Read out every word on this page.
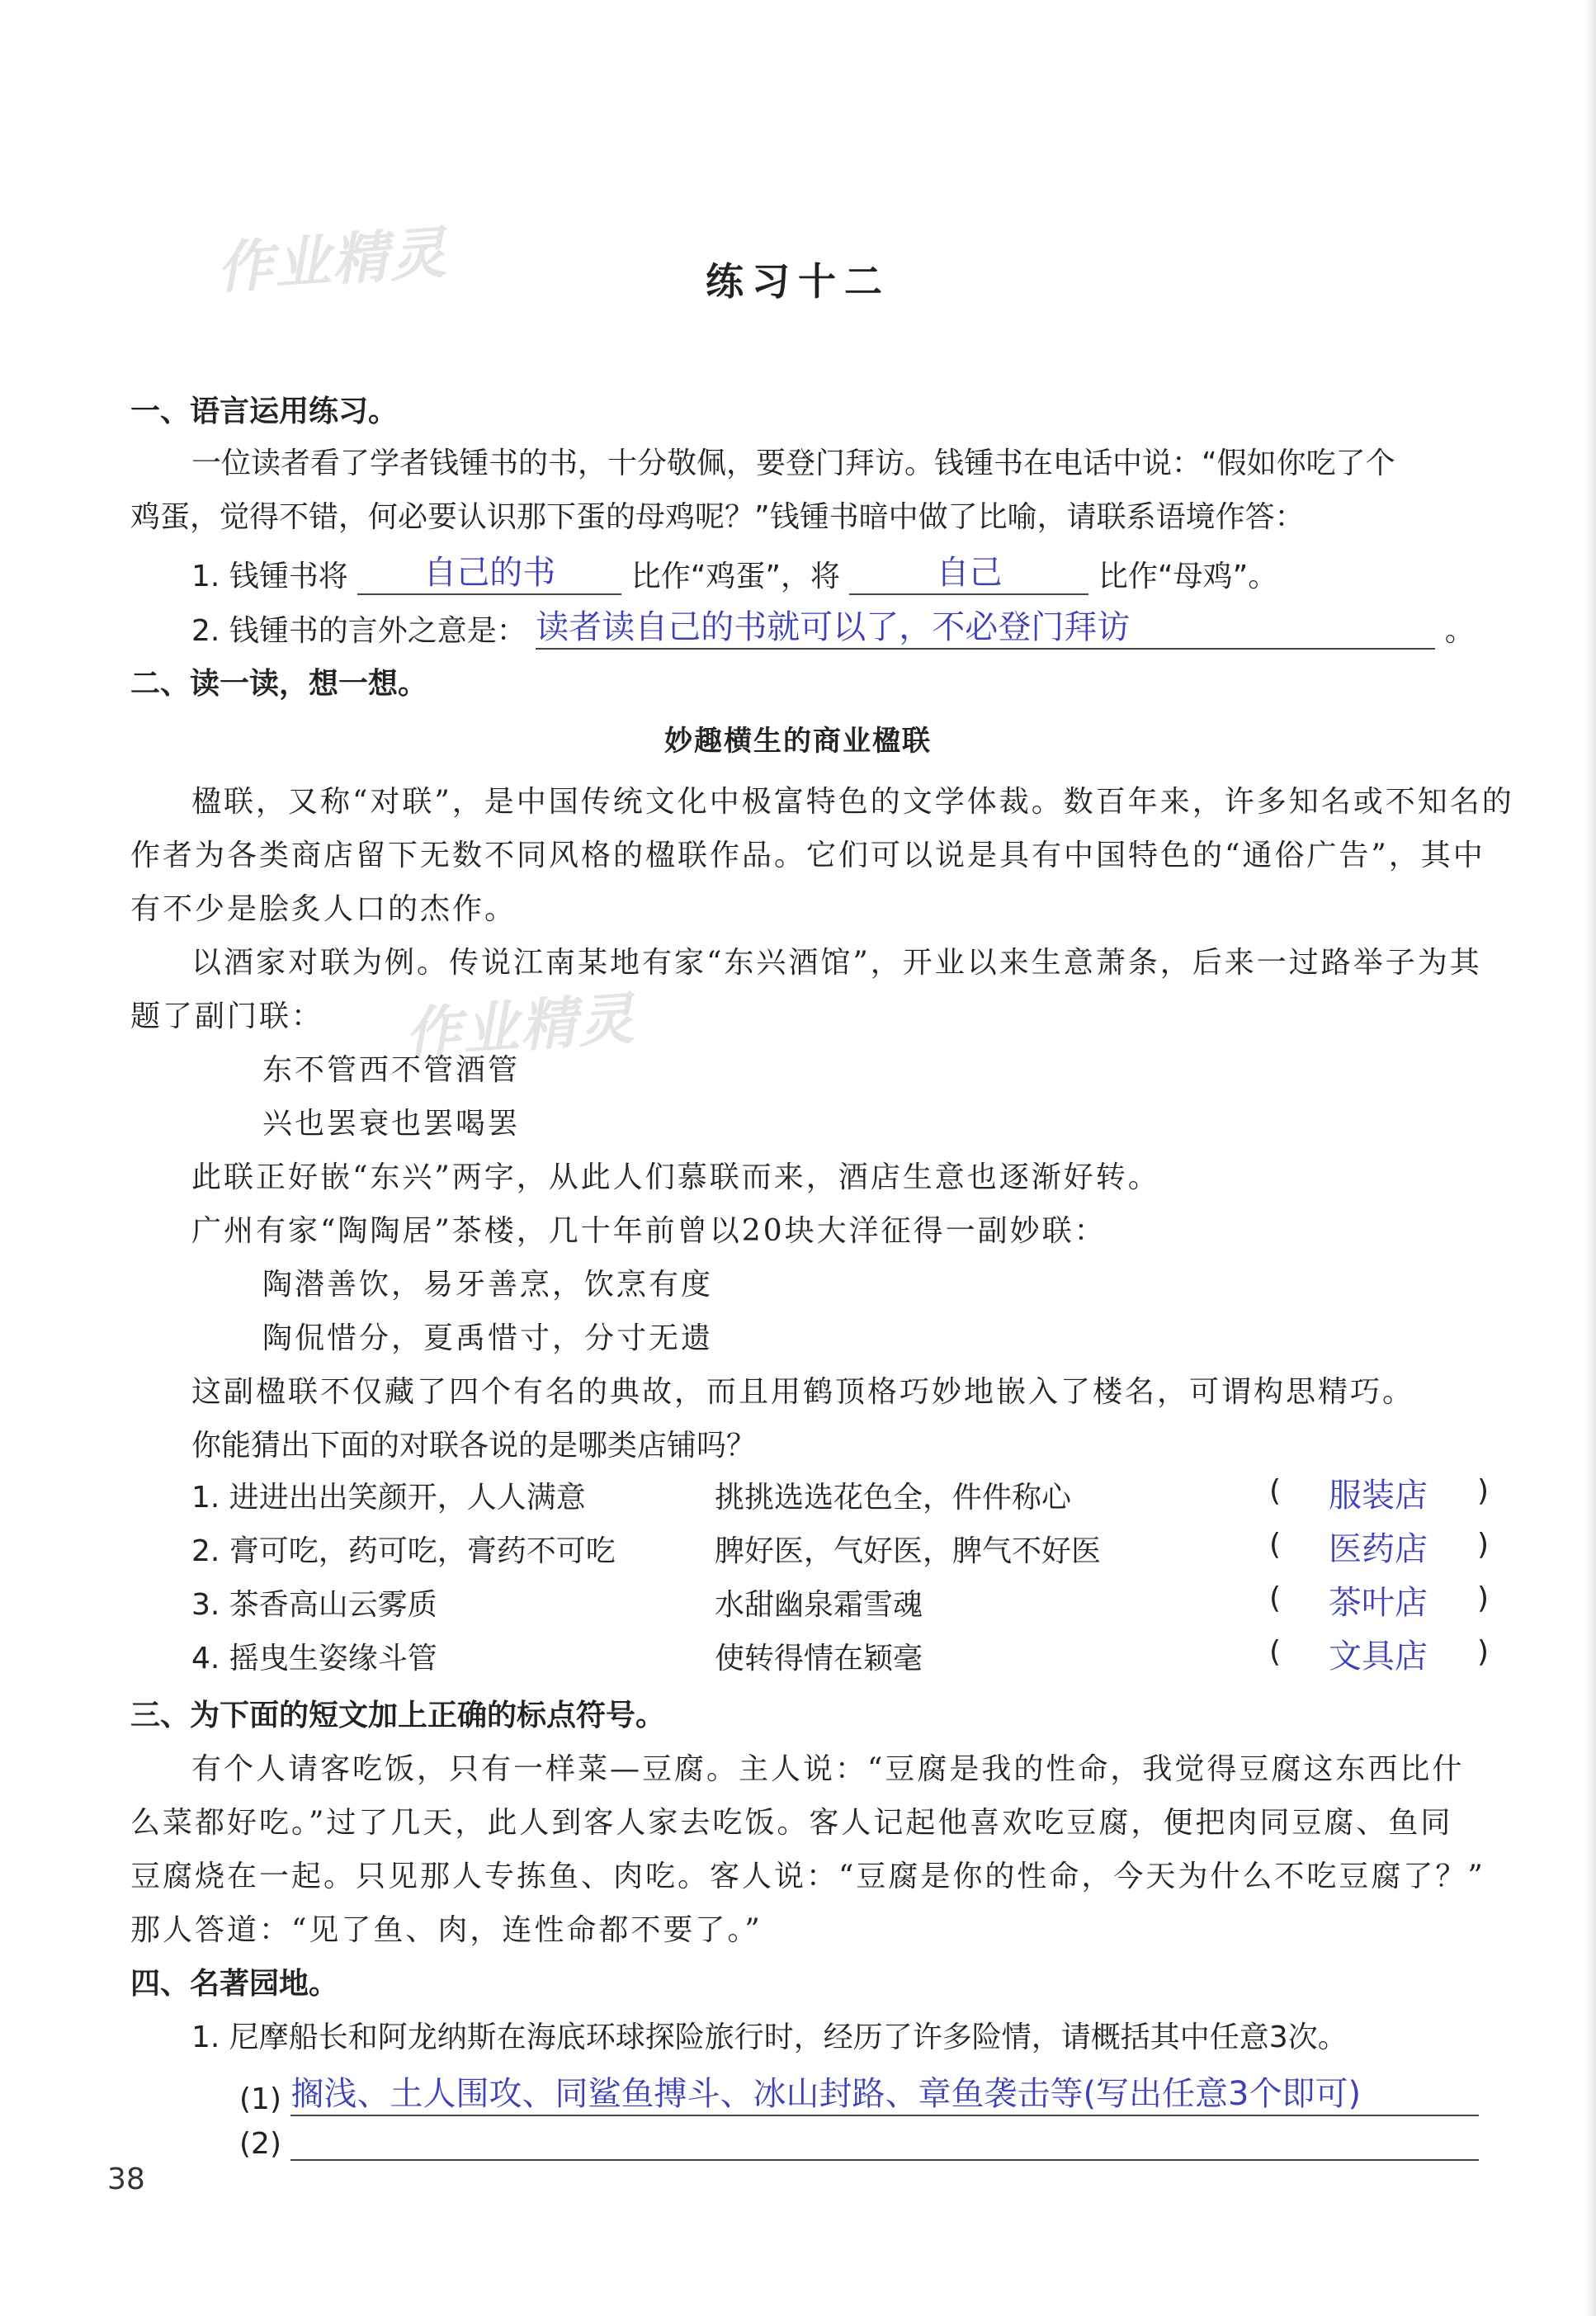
作业精灵
作业精灵
练习十二
一、语言运用练习。
一位读者看了学者钱锺书的书，十分敬佩，要登门拜访。钱锺书在电话中说：“假如你吃了个
鸡蛋，觉得不错，何必要认识那下蛋的母鸡呢？”钱锺书暗中做了比喻，请联系语境作答：
1. 钱锺书将 自己的书	比作“鸡蛋”，将	自己	比作“母鸡”。
2. 钱锺书的言外之意是： 读者读自己的书就可以了，不必登门拜访	。
二、读一读，想一想。
妙趣横生的商业楹联
楹联，又称“对联”，是中国传统文化中极富特色的文学体裁。数百年来，许多知名或不知名的
作者为各类商店留下无数不同风格的楹联作品。它们可以说是具有中国特色的“通俗广告”，其中
有不少是脍炙人口的杰作。
以酒家对联为例。传说江南某地有家“东兴酒馆”，开业以来生意萧条，后来一过路举子为其
题了副门联：
东不管西不管酒管
兴也罢衰也罢喝罢
此联正好嵌“东兴”两字，从此人们慕联而来，酒店生意也逐渐好转。
广州有家“陶陶居”茶楼，几十年前曾以20块大洋征得一副妙联：
陶潜善饮，易牙善烹，饮烹有度
陶侃惜分，夏禹惜寸，分寸无遗
这副楹联不仅藏了四个有名的典故，而且用鹤顶格巧妙地嵌入了楼名，可谓构思精巧。
你能猜出下面的对联各说的是哪类店铺吗？
1. 进进出出笑颜开，人人满意	挑挑选选花色全，件件称心	( 服装店 )
2. 膏可吃，药可吃，膏药不可吃	脾好医，气好医，脾气不好医	( 医药店 )
3. 茶香高山云雾质	水甜幽泉霜雪魂	( 茶叶店 )
4. 摇曳生姿缘斗管	使转得情在颖毫	( 文具店 )
三、为下面的短文加上正确的标点符号。
有个人请客吃饭，只有一样菜—豆腐。主人说：“豆腐是我的性命，我觉得豆腐这东西比什
么菜都好吃。”过了几天，此人到客人家去吃饭。客人记起他喜欢吃豆腐，便把肉同豆腐、鱼同
豆腐烧在一起。只见那人专拣鱼、肉吃。客人说：“豆腐是你的性命，今天为什么不吃豆腐了？”
那人答道：“见了鱼、肉，连性命都不要了。”
四、名著园地。
1. 尼摩船长和阿龙纳斯在海底环球探险旅行时，经历了许多险情，请概括其中任意3次。
(1) 搁浅、土人围攻、同鲨鱼搏斗、冰山封路、章鱼袭击等(写出任意3个即可)
(2)
38
